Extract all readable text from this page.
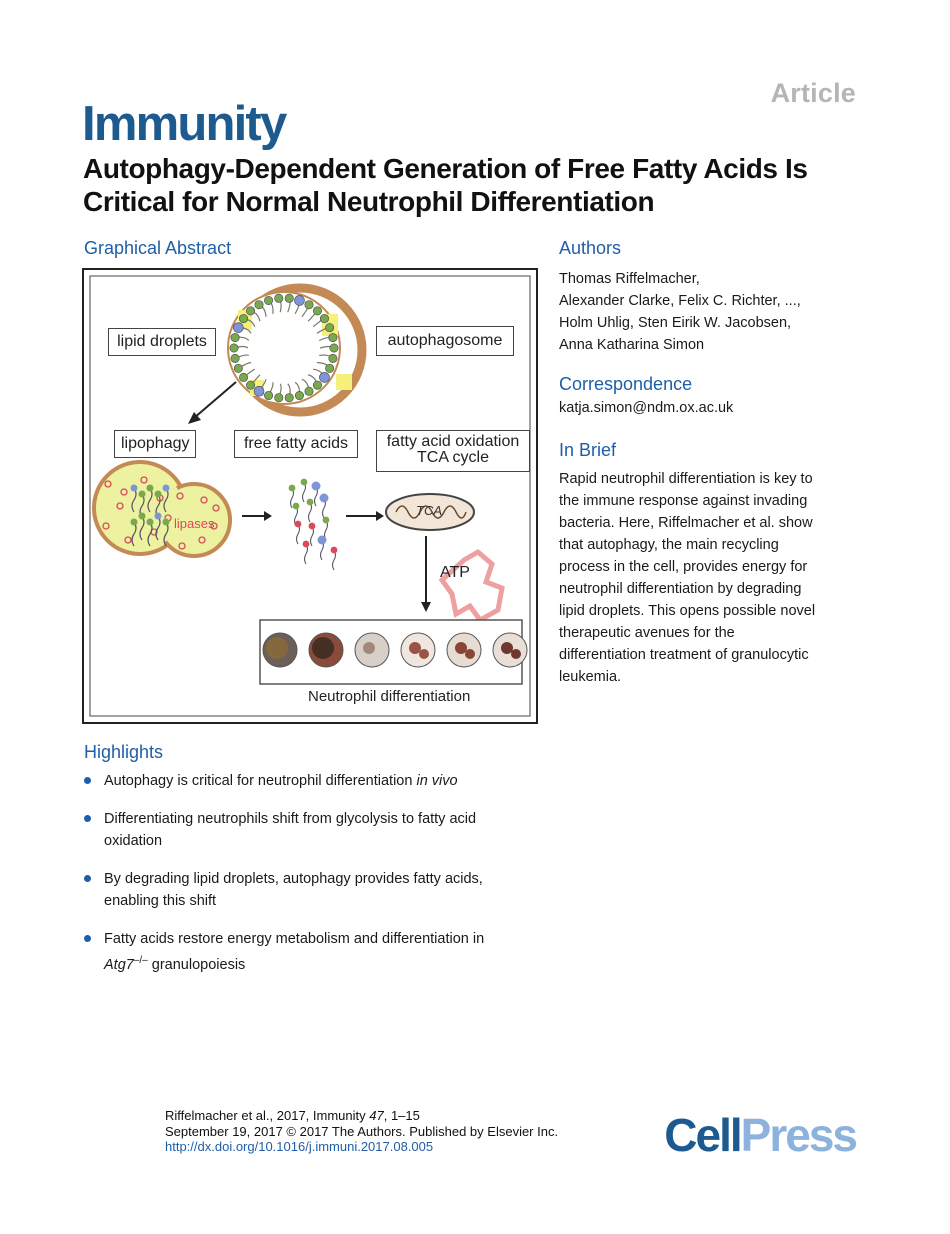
Article
Immunity
Autophagy-Dependent Generation of Free Fatty Acids Is Critical for Normal Neutrophil Differentiation
Graphical Abstract
lipid droplets	autophagosome
lipophagy	free fatty acids	fatty acid oxidation
TCA cycle
lipases
TCA
ATP
Neutrophil differentiation
Authors
Thomas Riffelmacher,
Alexander Clarke, Felix C. Richter, ...,
Holm Uhlig, Sten Eirik W. Jacobsen,
Anna Katharina Simon
Correspondence
katja.simon@ndm.ox.ac.uk
In Brief
Rapid neutrophil differentiation is key to
the immune response against invading
bacteria. Here, Riffelmacher et al. show
that autophagy, the main recycling
process in the cell, provides energy for
neutrophil differentiation by degrading
lipid droplets. This opens possible novel
therapeutic avenues for the
differentiation treatment of granulocytic
leukemia.
Highlights
Autophagy is critical for neutrophil differentiation in vivo
Differentiating neutrophils shift from glycolysis to fatty acid
oxidation
By degrading lipid droplets, autophagy provides fatty acids,
enabling this shift
Fatty acids restore energy metabolism and differentiation in
Atg7–/– granulopoiesis
Riffelmacher et al., 2017, Immunity 47, 1–15
September 19, 2017 © 2017 The Authors. Published by Elsevier Inc.
http://dx.doi.org/10.1016/j.immuni.2017.08.005	CellPress
